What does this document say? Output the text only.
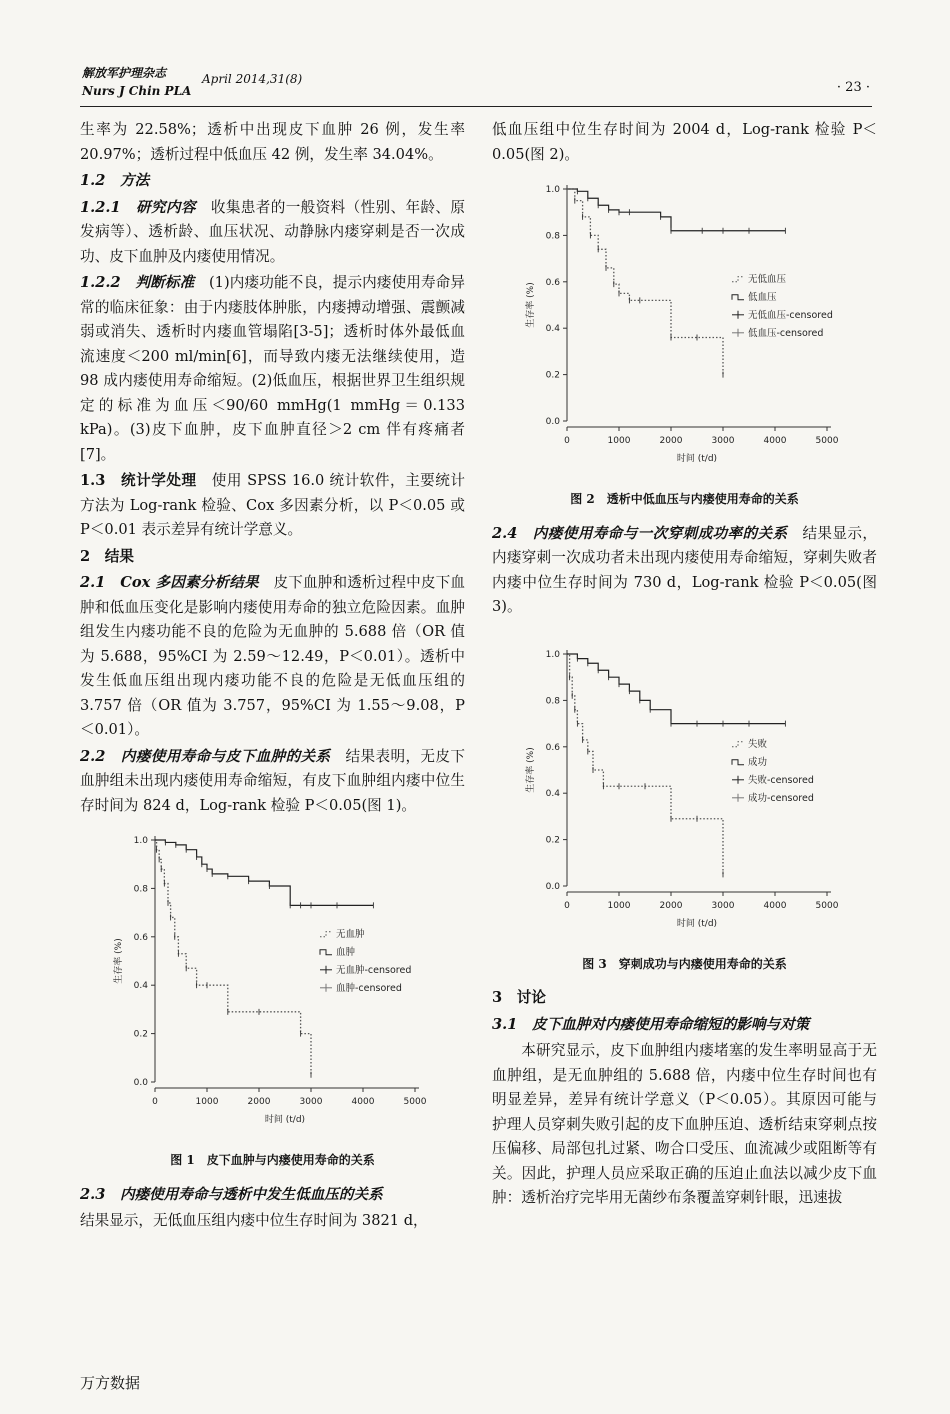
解放军护理杂志
Nurs J Chin PLA
April 2014,31(8)
· 23 ·

生率为 22.58%；透析中出现皮下血肿 26 例，发生率 20.97%；透析过程中低血压 42 例，发生率 34.04%。

1.2　方法

1.2.1　研究内容　收集患者的一般资料（性别、年龄、原发病等）、透析龄、血压状况、动静脉内瘘穿刺是否一次成功、皮下血肿及内瘘使用情况。

1.2.2　判断标准　(1)内瘘功能不良，提示内瘘使用寿命异常的临床征象：由于内瘘肢体肿胀，内瘘搏动增强、震颤减弱或消失、透析时内瘘血管塌陷[3-5]；透析时体外最低血流速度＜200 ml/min[6]，而导致内瘘无法继续使用，造 98 成内瘘使用寿命缩短。(2)低血压，根据世界卫生组织规定的标准为血压＜90/60 mmHg(1 mmHg＝0.133 kPa)。(3)皮下血肿，皮下血肿直径＞2 cm 伴有疼痛者[7]。

1.3　统计学处理　使用 SPSS 16.0 统计软件，主要统计方法为 Log-rank 检验、Cox 多因素分析，以 P＜0.05 或 P＜0.01 表示差异有统计学意义。

2　结果

2.1　Cox 多因素分析结果　皮下血肿和透析过程中皮下血肿和低血压变化是影响内瘘使用寿命的独立危险因素。血肿组发生内瘘功能不良的危险为无血肿的 5.688 倍（OR 值为 5.688，95%CI 为 2.59～12.49，P＜0.01）。透析中发生低血压组出现内瘘功能不良的危险是无低血压组的 3.757 倍（OR 值为 3.757，95%CI 为 1.55～9.08，P＜0.01）。

2.2　内瘘使用寿命与皮下血肿的关系　结果表明，无皮下血肿组未出现内瘘使用寿命缩短，有皮下血肿组内瘘中位生存时间为 824 d，Log-rank 检验 P＜0.05(图 1)。

0.0
0.2
0.4
0.6
0.8
1.0
0	1000	2000	3000	4000	5000
时间 (t/d)
生存率 (%)
无血肿
血肿
无血肿-censored
血肿-censored
图 1　皮下血肿与内瘘使用寿命的关系

2.3　内瘘使用寿命与透析中发生低血压的关系

结果显示，无低血压组内瘘中位生存时间为 3821 d，

低血压组中位生存时间为 2004 d，Log-rank 检验 P＜0.05(图 2)。

0.0
0.2
0.4
0.6
0.8
1.0
0	1000	2000	3000	4000	5000
时间 (t/d)
生存率 (%)
无低血压
低血压
无低血压-censored
低血压-censored
图 2　透析中低血压与内瘘使用寿命的关系

2.4　内瘘使用寿命与一次穿刺成功率的关系　结果显示，内瘘穿刺一次成功者未出现内瘘使用寿命缩短，穿刺失败者内瘘中位生存时间为 730 d，Log-rank 检验 P＜0.05(图 3)。

0.0
0.2
0.4
0.6
0.8
1.0
0	1000	2000	3000	4000	5000
时间 (t/d)
生存率 (%)
失败
成功
失败-censored
成功-censored
图 3　穿刺成功与内瘘使用寿命的关系

3　讨论

3.1　皮下血肿对内瘘使用寿命缩短的影响与对策

本研究显示，皮下血肿组内瘘堵塞的发生率明显高于无血肿组，是无血肿组的 5.688 倍，内瘘中位生存时间也有明显差异，差异有统计学意义（P＜0.05）。其原因可能与护理人员穿刺失败引起的皮下血肿压迫、透析结束穿刺点按压偏移、局部包扎过紧、吻合口受压、血流减少或阻断等有关。因此，护理人员应采取正确的压迫止血法以减少皮下血肿：透析治疗完毕用无菌纱布条覆盖穿刺针眼，迅速拔

万方数据
